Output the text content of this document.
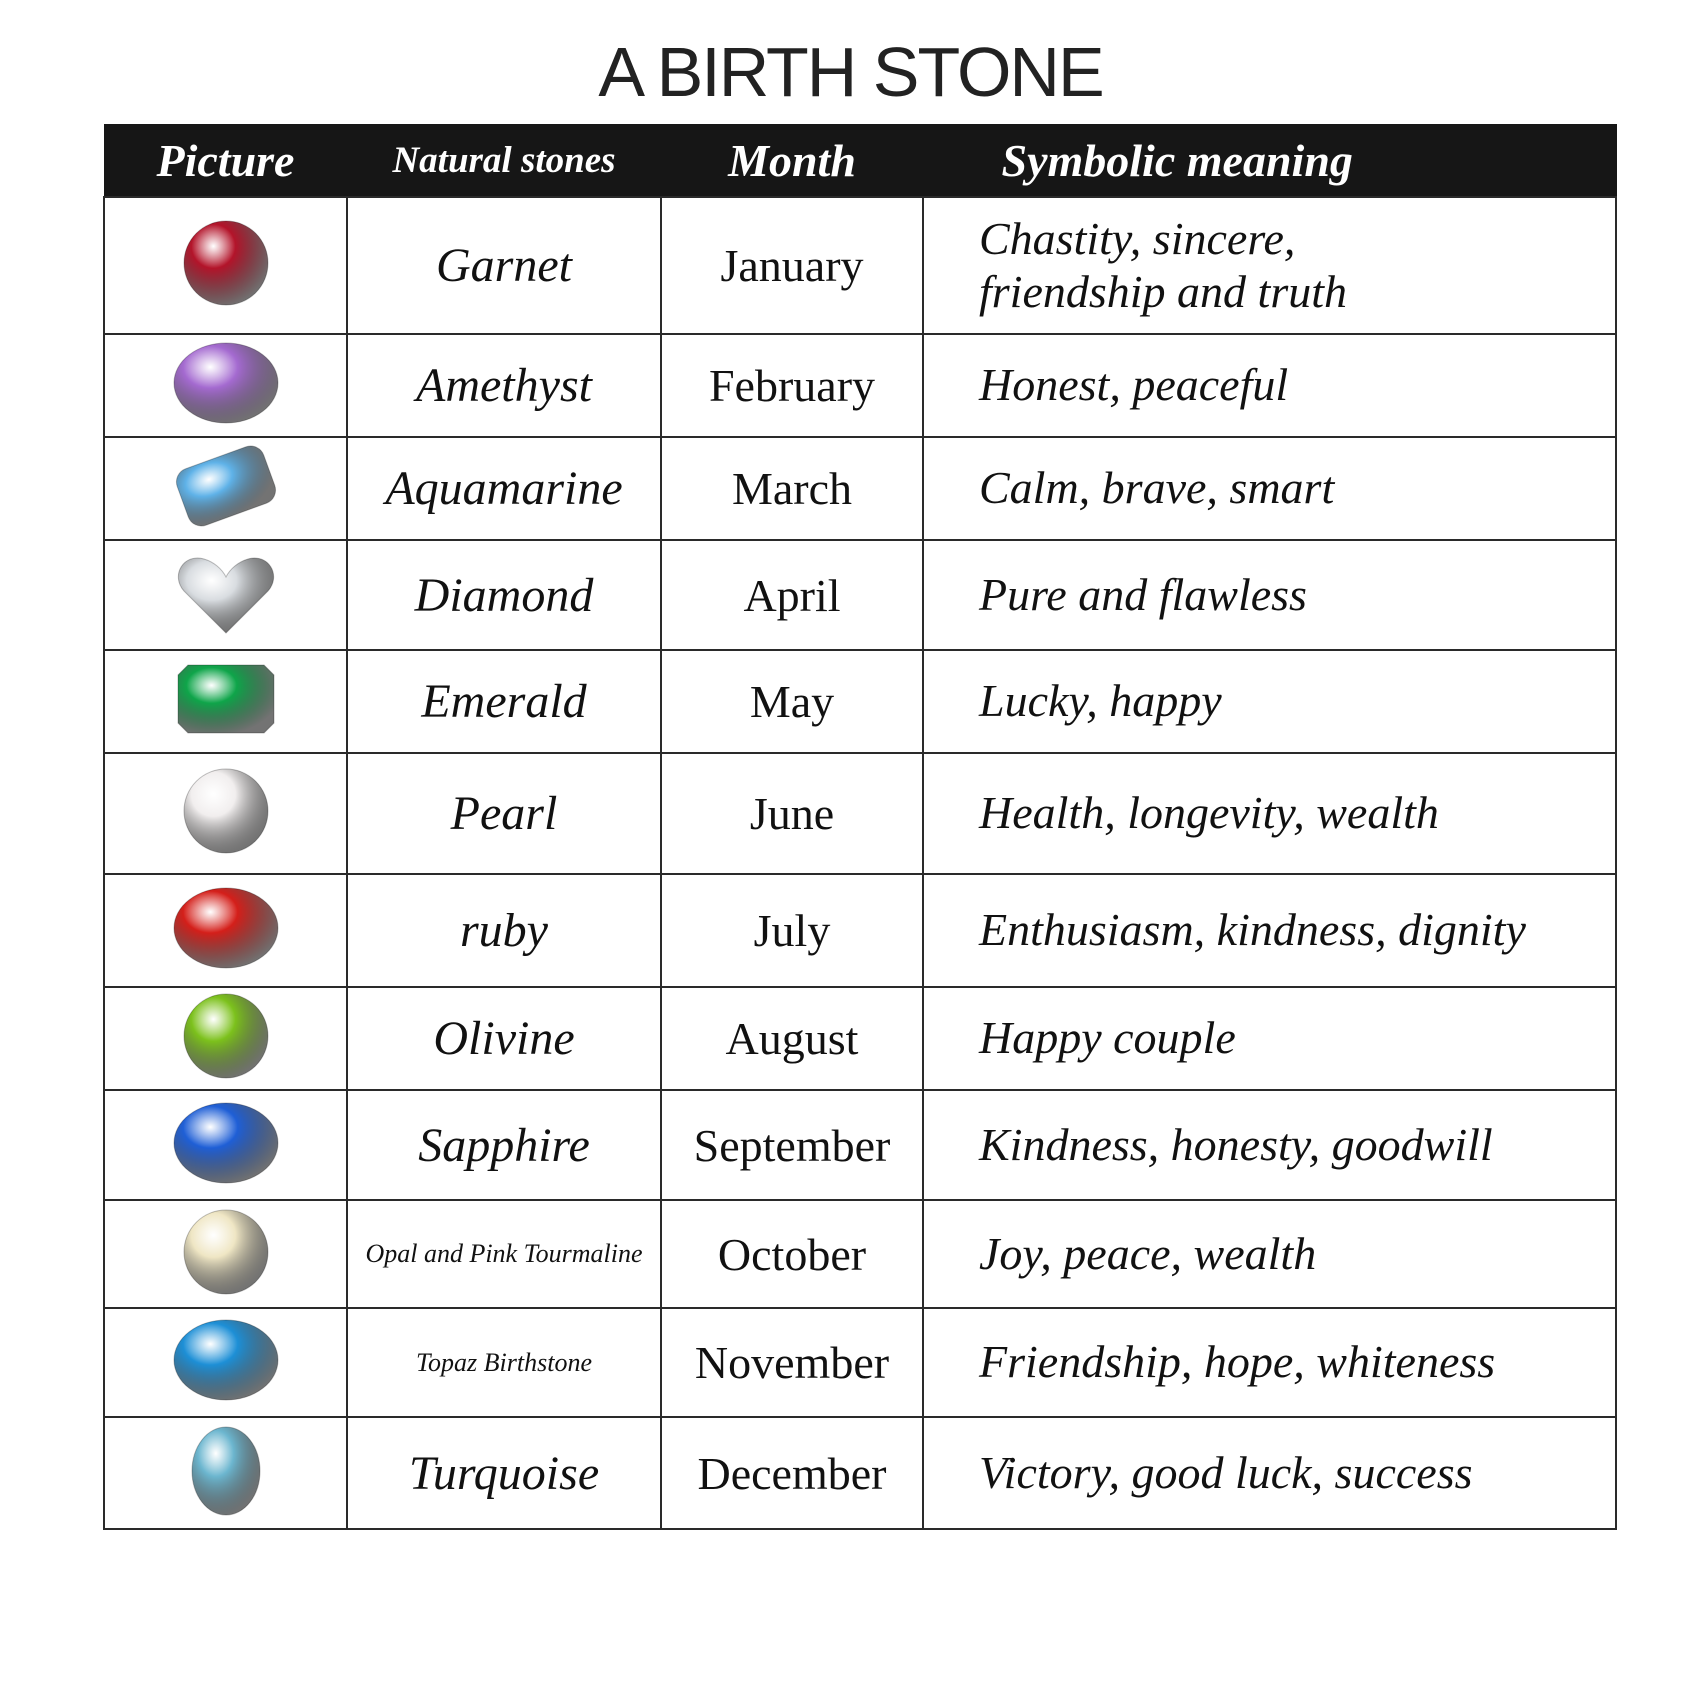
A BIRTH STONE
Picture	Natural stones	Month	Symbolic meaning

	Garnet	January	Chastity, sincere,
friendship and truth

	Amethyst	February	Honest, peaceful

	Aquamarine	March	Calm, brave, smart

	Diamond	April	Pure and flawless

	Emerald	May	Lucky, happy

	Pearl	June	Health, longevity, wealth

	ruby	July	Enthusiasm, kindness, dignity

	Olivine	August	Happy couple

	Sapphire	September	Kindness, honesty, goodwill

	Opal and Pink Tourmaline	October	Joy, peace, wealth

	Topaz Birthstone	November	Friendship, hope, whiteness

	Turquoise	December	Victory, good luck, success
